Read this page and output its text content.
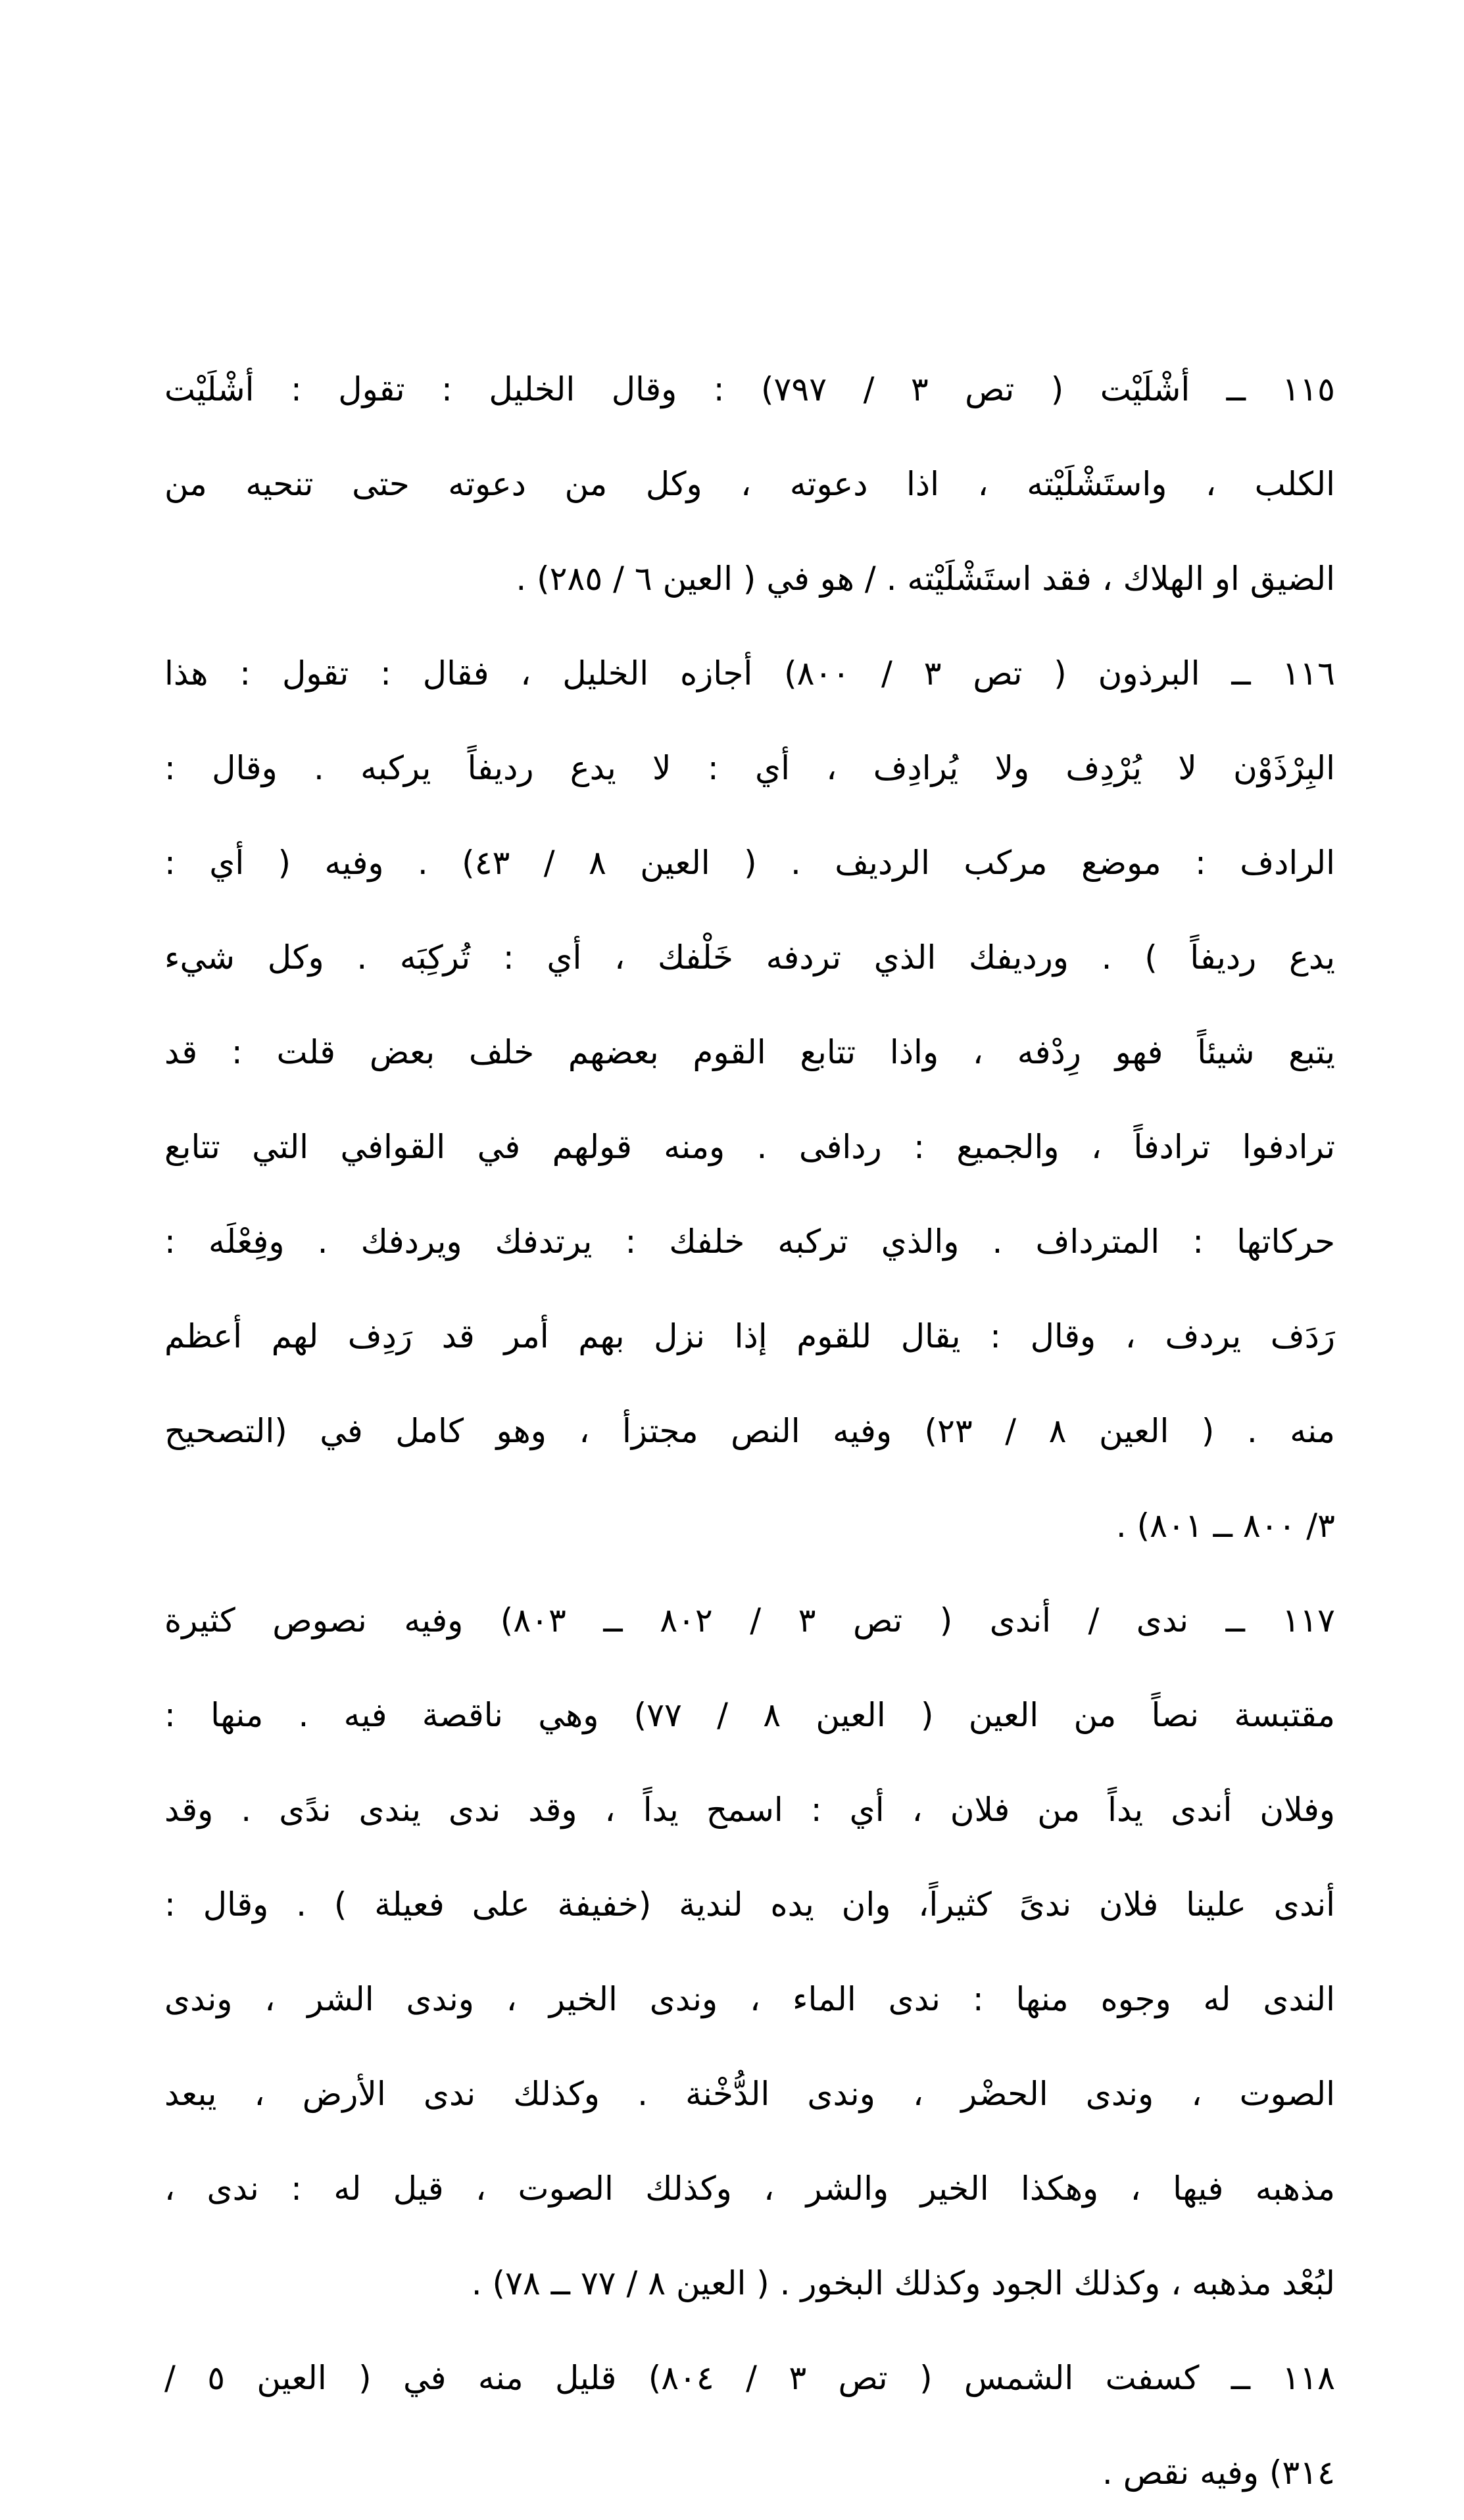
١١٥ ــ أشْلَيْت ( تص ٣ / ٧٩٧) : وقال الخليل : تقول : أشْلَيْت
الكلب ، واستَشْلَيْته ، اذا دعوته ، وكل من دعوته حتى تنحيه من
الضيق او الهلاك ، فقد استَشْلَيْته . / هو في ( العين ٦ / ٢٨٥) .
١١٦ ــ البرذون ( تص ٣ / ٨٠٠) أجازه الخليل ، فقال : تقول : هذا
البِرْذَوْن لا يُرْدِف ولا يُرادِف ، أي : لا يدع رديفاً يركبه . وقال :
الرادف : موضع مركب الرديف . ( العين ٨ / ٤٣) . وفيه ( أي :
يدع رديفاً ) . ورديفك الذي تردفه خَلْفك ، أي : تُركِبَه . وكل شيء
يتبع شيئاً فهو رِدْفه ، واذا تتابع القوم بعضهم خلف بعض قلت : قد
ترادفوا ترادفاً ، والجميع : ردافى . ومنه قولهم في القوافي التي تتابع
حركاتها : المترداف . والذي تركبه خلفك : يرتدفك ويردفك . وفِعْلَه :
رَدَف يردف ، وقال : يقال للقوم إذا نزل بهم أمر قد رَدِف لهم أعظم
منه . ( العين ٨ / ٢٣) وفيه النص مجتزأ ، وهو كامل في (التصحيح
٣/ ٨٠٠ ــ ٨٠١) .
١١٧ ــ ندى / أندى ( تص ٣ / ٨٠٢ ــ ٨٠٣) وفيه نصوص كثيرة
مقتبسة نصاً من العين ( العين ٨ / ٧٧) وهي ناقصة فيه . منها :
وفلان أندى يداً من فلان ، أي : اسمح يداً ، وقد ندى يندى ندًى . وقد
أندى علينا فلان ندىً كثيراً، وان يده لندية (خفيفة على فعيلة ) . وقال :
الندى له وجوه منها : ندى الماء ، وندى الخير ، وندى الشر ، وندى
الصوت ، وندى الحضْر ، وندى الدُّخْنة . وكذلك ندى الأرض ، يبعد
مذهبه فيها ، وهكذا الخير والشر ، وكذلك الصوت ، قيل له : ندى ،
لبُعْد مذهبه ، وكذلك الجود وكذلك البخور . ( العين ٨ / ٧٧ ــ ٧٨) .
١١٨ ــ كسفت الشمس ( تص ٣ / ٨٠٤) قليل منه في ( العين ٥ /
٣١٤) وفيه نقص .
